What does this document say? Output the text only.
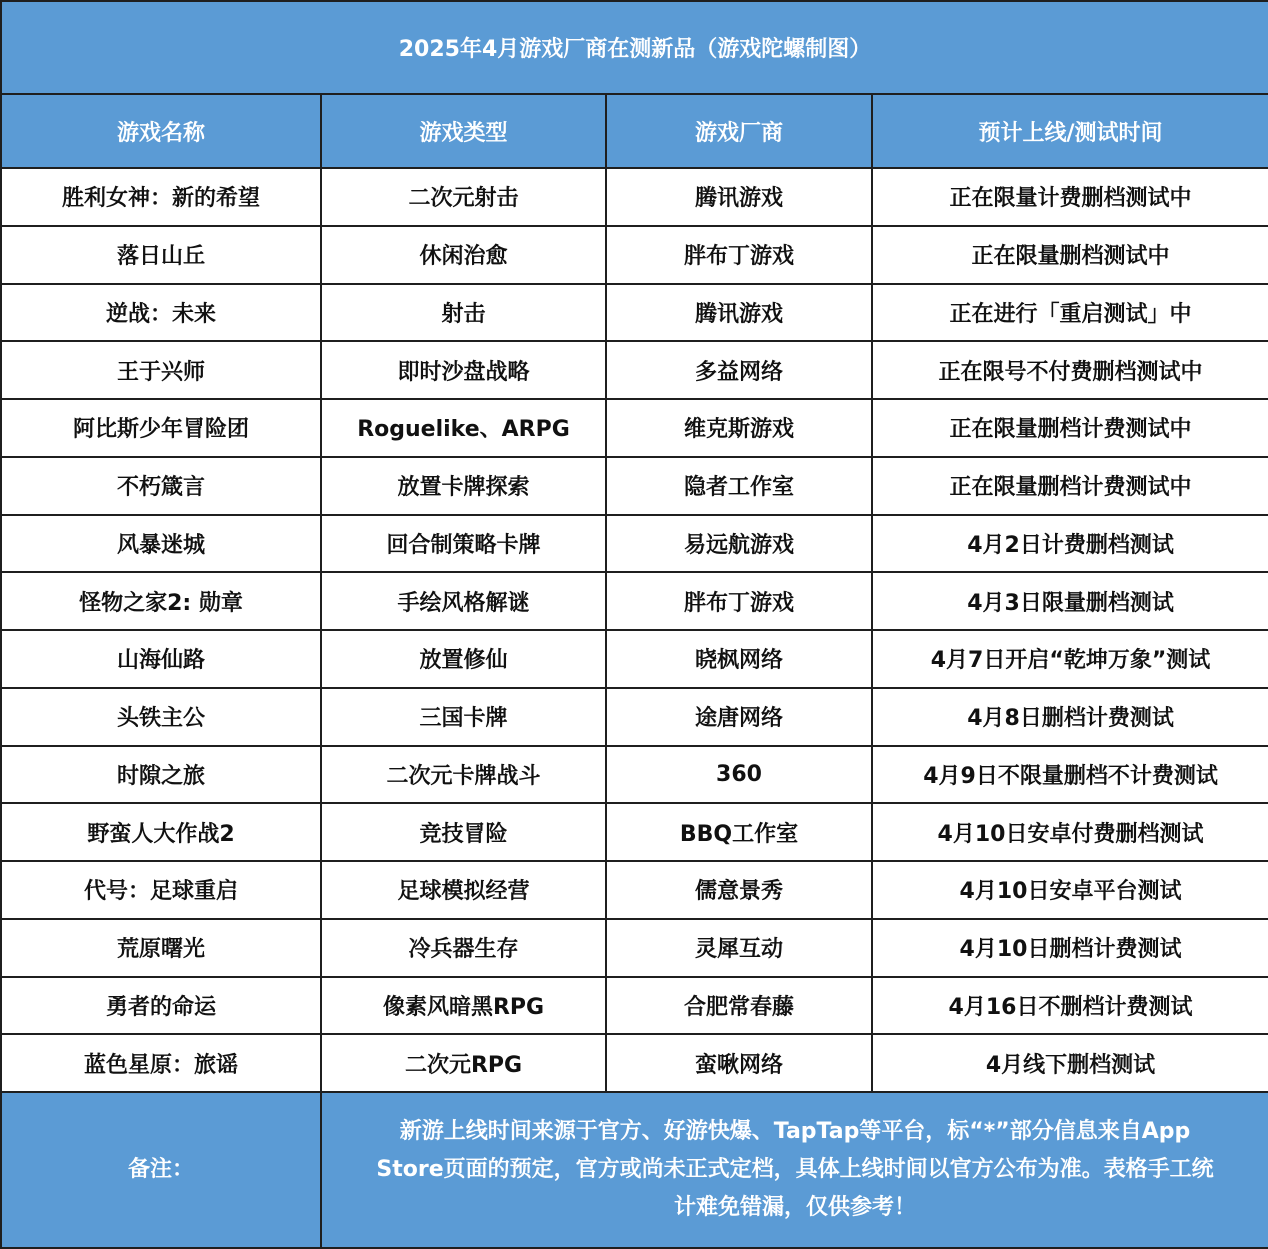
2025年4月游戏厂商在测新品（游戏陀螺制图）			
游戏名称	游戏类型	游戏厂商	预计上线/测试时间
胜利女神：新的希望	二次元射击	腾讯游戏	正在限量计费删档测试中
落日山丘	休闲治愈	胖布丁游戏	正在限量删档测试中
逆战：未来	射击	腾讯游戏	正在进行「重启测试」中
王于兴师	即时沙盘战略	多益网络	正在限号不付费删档测试中
阿比斯少年冒险团	Roguelike、ARPG	维克斯游戏	正在限量删档计费测试中
不朽箴言	放置卡牌探索	隐者工作室	正在限量删档计费测试中
风暴迷城	回合制策略卡牌	易远航游戏	4月2日计费删档测试
怪物之家2: 勋章	手绘风格解谜	胖布丁游戏	4月3日限量删档测试
山海仙路	放置修仙	晓枫网络	4月7日开启“乾坤万象”测试
头铁主公	三国卡牌	途唐网络	4月8日删档计费测试
时隙之旅	二次元卡牌战斗	360	4月9日不限量删档不计费测试
野蛮人大作战2	竞技冒险	BBQ工作室	4月10日安卓付费删档测试
代号：足球重启	足球模拟经营	儒意景秀	4月10日安卓平台测试
荒原曙光	冷兵器生存	灵犀互动	4月10日删档计费测试
勇者的命运	像素风暗黑RPG	合肥常春藤	4月16日不删档计费测试
蓝色星原：旅谣	二次元RPG	蛮啾网络	4月线下删档测试
备注：	新游上线时间来源于官方、好游快爆、TapTap等平台，标“*”部分信息来自App
Store页面的预定，官方或尚未正式定档，具体上线时间以官方公布为准。表格手工统
计难免错漏，仅供参考！		
